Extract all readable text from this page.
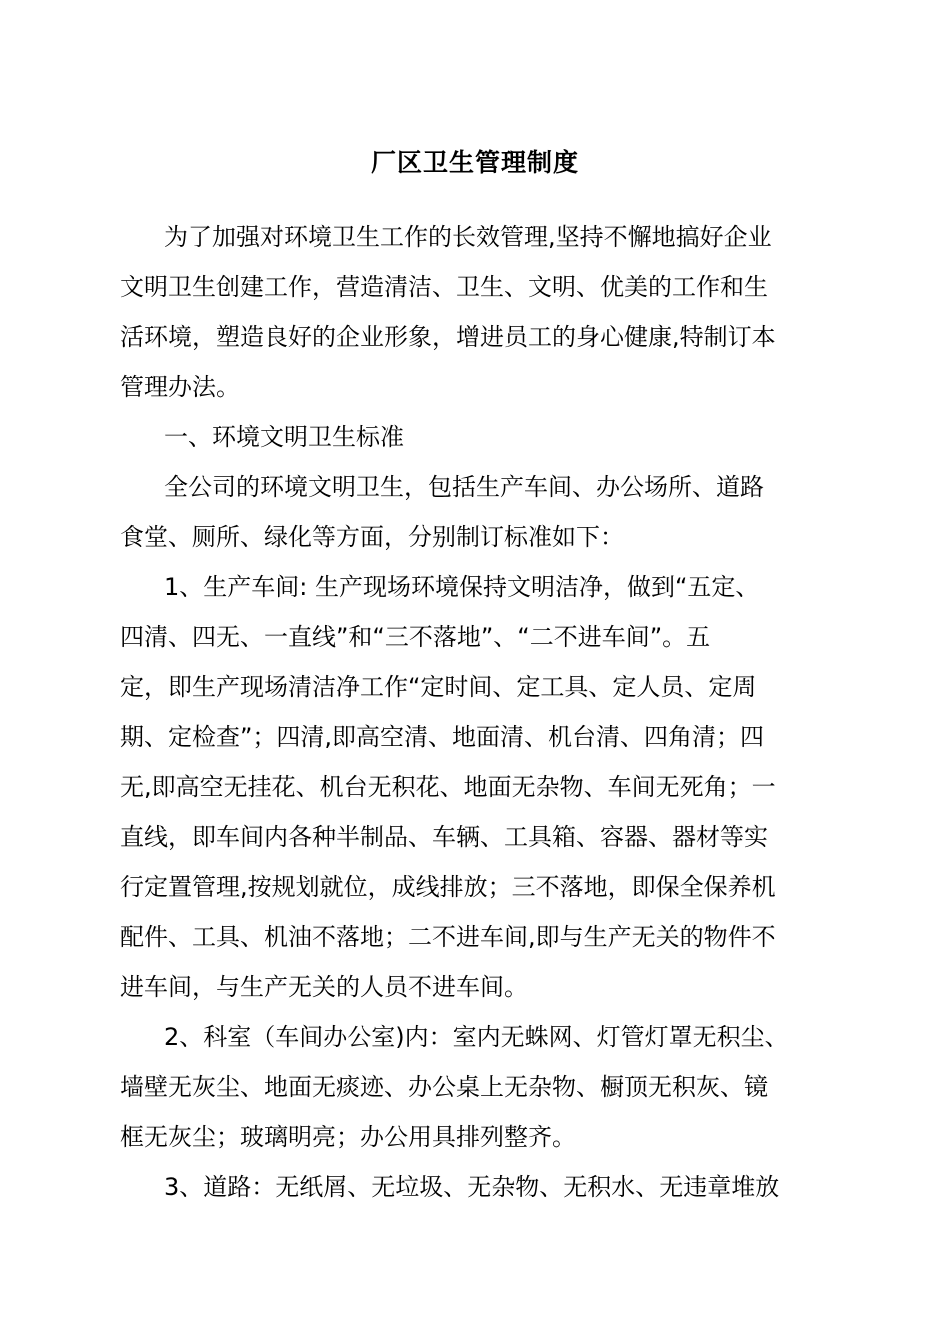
厂区卫生管理制度
为了加强对环境卫生工作的长效管理,坚持不懈地搞好企业
文明卫生创建工作，营造清洁、卫生、文明、优美的工作和生
活环境，塑造良好的企业形象，增进员工的身心健康,特制订本
管理办法。
一、环境文明卫生标准
全公司的环境文明卫生，包括生产车间、办公场所、道路
食堂、厕所、绿化等方面，分别制订标准如下：
1、生产车间: 生产现场环境保持文明洁净，做到“五定、
四清、四无、一直线”和“三不落地”、“二不进车间”。五
定，即生产现场清洁净工作“定时间、定工具、定人员、定周
期、定检查”；四清,即高空清、地面清、机台清、四角清；四
无,即高空无挂花、机台无积花、地面无杂物、车间无死角；一
直线，即车间内各种半制品、车辆、工具箱、容器、器材等实
行定置管理,按规划就位，成线排放；三不落地，即保全保养机
配件、工具、机油不落地；二不进车间,即与生产无关的物件不
进车间，与生产无关的人员不进车间。
2、科室（车间办公室)内：室内无蛛网、灯管灯罩无积尘、
墙壁无灰尘、地面无痰迹、办公桌上无杂物、橱顶无积灰、镜
框无灰尘；玻璃明亮；办公用具排列整齐。
3、道路：无纸屑、无垃圾、无杂物、无积水、无违章堆放
